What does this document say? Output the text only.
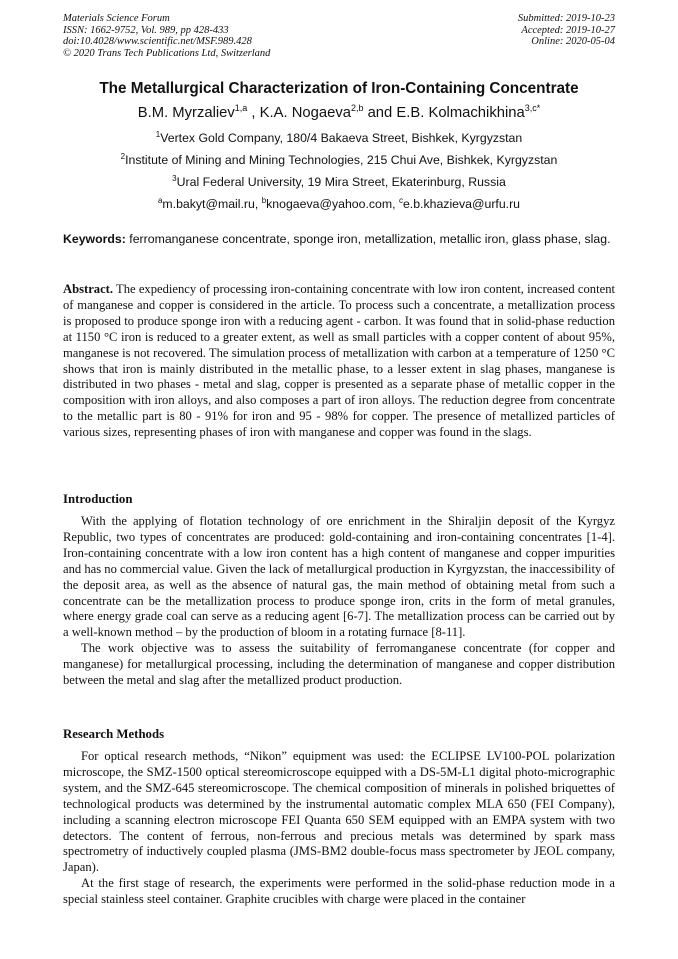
Materials Science Forum
ISSN: 1662-9752, Vol. 989, pp 428-433
doi:10.4028/www.scientific.net/MSF.989.428
© 2020 Trans Tech Publications Ltd, Switzerland
Submitted: 2019-10-23
Accepted: 2019-10-27
Online: 2020-05-04
The Metallurgical Characterization of Iron-Containing Concentrate
B.M. Myrzaliev$^{1,a}$ , K.A. Nogaeva$^{2,b}$ and E.B. Kolmachikhina$^{3,c*}$
$^1$Vertex Gold Company, 180/4 Bakaeva Street, Bishkek, Kyrgyzstan
$^2$Institute of Mining and Mining Technologies, 215 Chui Ave, Bishkek, Kyrgyzstan
$^3$Ural Federal University, 19 Mira Street, Ekaterinburg, Russia
$^a$m.bakyt@mail.ru, $^b$knogaeva@yahoo.com, $^c$e.b.khazieva@urfu.ru
Keywords: ferromanganese concentrate, sponge iron, metallization, metallic iron, glass phase, slag.

Abstract. The expediency of processing iron-containing concentrate with low iron content, increased content of manganese and copper is considered in the article. To process such a concentrate, a metallization process is proposed to produce sponge iron with a reducing agent - carbon. It was found that in solid-phase reduction at 1150 °C iron is reduced to a greater extent, as well as small particles with a copper content of about 95%, manganese is not recovered. The simulation process of metallization with carbon at a temperature of 1250 °C shows that iron is mainly distributed in the metallic phase, to a lesser extent in slag phases, manganese is distributed in two phases - metal and slag, copper is presented as a separate phase of metallic copper in the composition with iron alloys, and also composes a part of iron alloys. The reduction degree from concentrate to the metallic part is 80 - 91% for iron and 95 - 98% for copper. The presence of metallized particles of various sizes, representing phases of iron with manganese and copper was found in the slags.

Introduction

With the applying of flotation technology of ore enrichment in the Shiraljin deposit of the Kyrgyz Republic, two types of concentrates are produced: gold-containing and iron-containing concentrates [1-4]. Iron-containing concentrate with a low iron content has a high content of manganese and copper impurities and has no commercial value. Given the lack of metallurgical production in Kyrgyzstan, the inaccessibility of the deposit area, as well as the absence of natural gas, the main method of obtaining metal from such a concentrate can be the metallization process to produce sponge iron, crits in the form of metal granules, where energy grade coal can serve as a reducing agent [6-7]. The metallization process can be carried out by a well-known method – by the production of bloom in a rotating furnace [8-11].

The work objective was to assess the suitability of ferromanganese concentrate (for copper and manganese) for metallurgical processing, including the determination of manganese and copper distribution between the metal and slag after the metallized product production.

Research Methods

For optical research methods, “Nikon” equipment was used: the ECLIPSE LV100-POL polarization microscope, the SMZ-1500 optical stereomicroscope equipped with a DS-5M-L1 digital photo-micrographic system, and the SMZ-645 stereomicroscope. The chemical composition of minerals in polished briquettes of technological products was determined by the instrumental automatic complex MLA 650 (FEI Company), including a scanning electron microscope FEI Quanta 650 SEM equipped with an EMPA system with two detectors. The content of ferrous, non-ferrous and precious metals was determined by spark mass spectrometry of inductively coupled plasma (JMS-BM2 double-focus mass spectrometer by JEOL company, Japan).

At the first stage of research, the experiments were performed in the solid-phase reduction mode in a special stainless steel container. Graphite crucibles with charge were placed in the container
